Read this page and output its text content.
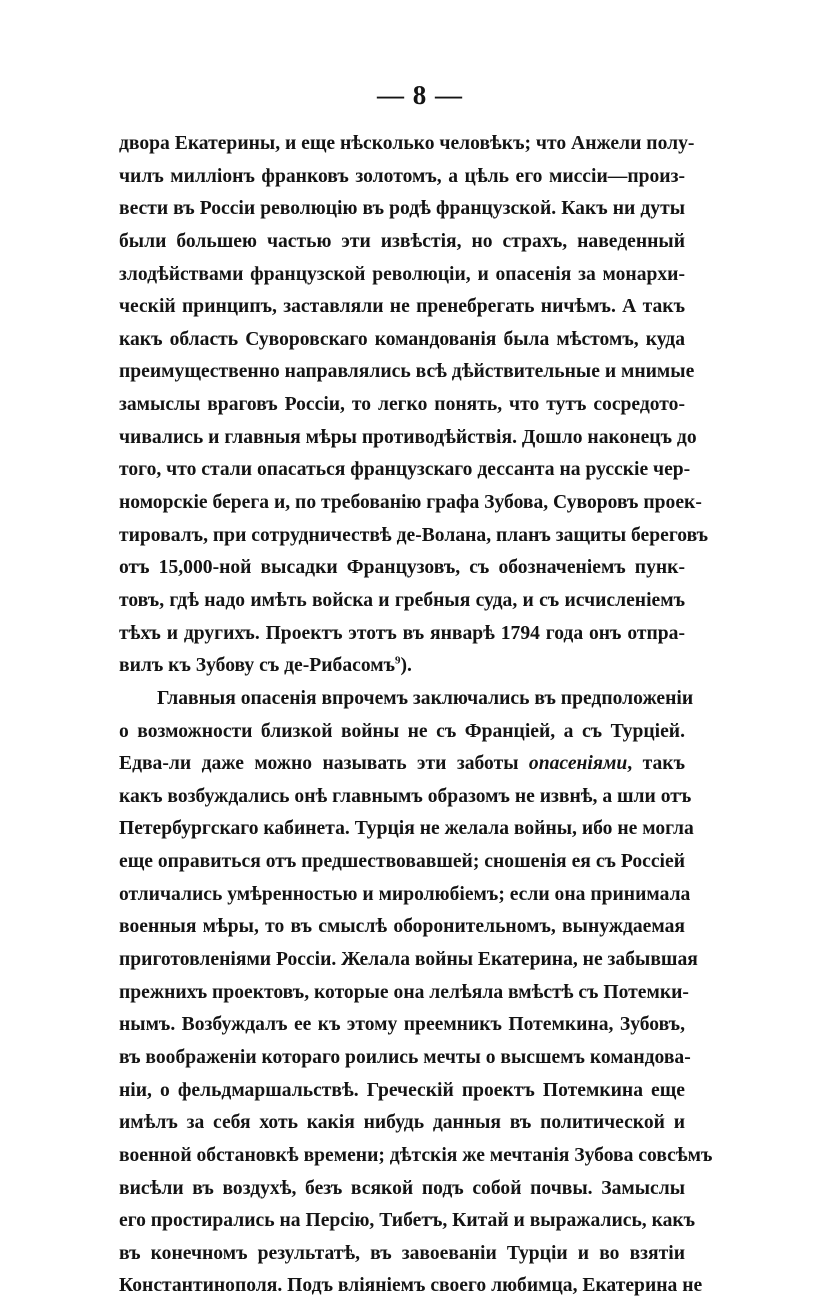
— 8 —
двора Екатерины, и еще нѣсколько человѣкъ; что Анжели полу-
чилъ милліонъ франковъ золотомъ, а цѣль его миссіи—произ-
вести въ Россіи революцію въ родѣ французской. Какъ ни дуты
были большею частью эти извѣстія, но страхъ, наведенный
злодѣйствами французской революціи, и опасенія за монархи-
ческій принципъ, заставляли не пренебрегать ничѣмъ. А такъ
какъ область Суворовскаго командованія была мѣстомъ, куда
преимущественно направлялись всѣ дѣйствительные и мнимые
замыслы враговъ Россіи, то легко понять, что тутъ сосредото-
чивались и главныя мѣры противодѣйствія. Дошло наконецъ до
того, что стали опасаться французскаго дессанта на русскіе чер-
номорскіе берега и, по требованію графа Зубова, Суворовъ проек-
тировалъ, при сотрудничествѣ де-Волана, планъ защиты береговъ
отъ 15,000-ной высадки Французовъ, съ обозначеніемъ пунк-
товъ, гдѣ надо имѣть войска и гребныя суда, и съ исчисленіемъ
тѣхъ и другихъ. Проектъ этотъ въ январѣ 1794 года онъ отпра-
вилъ къ Зубову съ де-Рибасомъ$^9$).
Главныя опасенія впрочемъ заключались въ предположеніи
о возможности близкой войны не съ Франціей, а съ Турціей.
Едва-ли даже можно называть эти заботы опасеніями, такъ
какъ возбуждались онѣ главнымъ образомъ не извнѣ, а шли отъ
Петербургскаго кабинета. Турція не желала войны, ибо не могла
еще оправиться отъ предшествовавшей; сношенія ея съ Россіей
отличались умѣренностью и миролюбіемъ; если она принимала
военныя мѣры, то въ смыслѣ оборонительномъ, вынуждаемая
приготовленіями Россіи. Желала войны Екатерина, не забывшая
прежнихъ проектовъ, которые она лелѣяла вмѣстѣ съ Потемки-
нымъ. Возбуждалъ ее къ этому преемникъ Потемкина, Зубовъ,
въ воображеніи котораго роились мечты о высшемъ командова-
ніи, о фельдмаршальствѣ. Греческій проектъ Потемкина еще
имѣлъ за себя хоть какія нибудь данныя въ политической и
военной обстановкѣ времени; дѣтскія же мечтанія Зубова совсѣмъ
висѣли въ воздухѣ, безъ всякой подъ собой почвы. Замыслы
его простирались на Персію, Тибетъ, Китай и выражались, какъ
въ конечномъ результатѣ, въ завоеваніи Турціи и во взятіи
Константинополя. Подъ вліяніемъ своего любимца, Екатерина не
